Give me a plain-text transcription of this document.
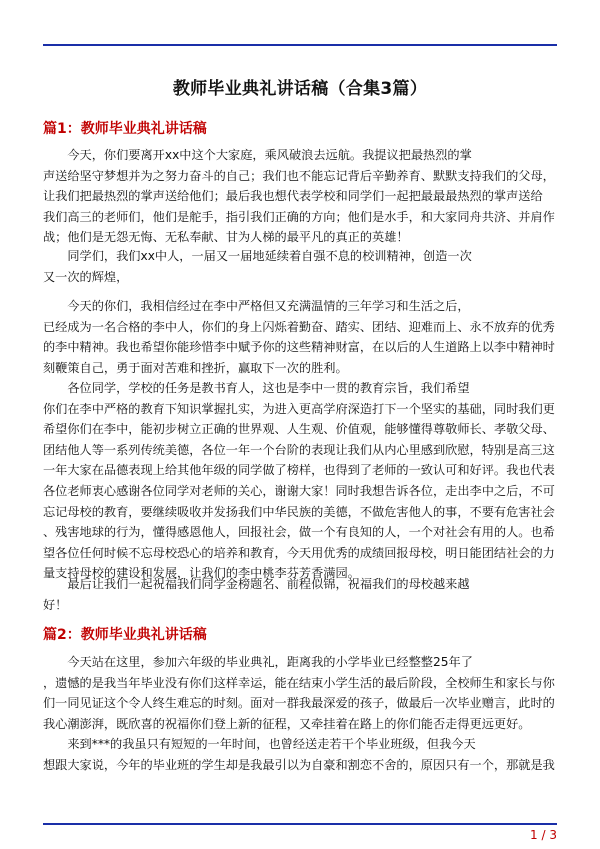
教师毕业典礼讲话稿（合集3篇）
篇1：教师毕业典礼讲话稿

　　今天，你们要离开xx中这个大家庭，乘风破浪去远航。我提议把最热烈的掌
声送给坚守梦想并为之努力奋斗的自己；我们也不能忘记背后辛勤养育、默默支持我们的父母，
让我们把最热烈的掌声送给他们；最后我也想代表学校和同学们一起把最最最热烈的掌声送给
我们高三的老师们，他们是舵手，指引我们正确的方向；他们是水手，和大家同舟共济、并肩作
战；他们是无怨无悔、无私奉献、甘为人梯的最平凡的真正的英雄！

　　同学们，我们xx中人，一届又一届地延续着自强不息的校训精神，创造一次
又一次的辉煌，

　　今天的你们，我相信经过在李中严格但又充满温情的三年学习和生活之后，
已经成为一名合格的李中人，你们的身上闪烁着勤奋、踏实、团结、迎难而上、永不放弃的优秀
的李中精神。我也希望你能珍惜李中赋予你的这些精神财富，在以后的人生道路上以李中精神时
刻鞭策自己，勇于面对苦难和挫折，赢取下一次的胜利。

　　各位同学，学校的任务是教书育人，这也是李中一贯的教育宗旨，我们希望
你们在李中严格的教育下知识掌握扎实，为进入更高学府深造打下一个坚实的基础，同时我们更
希望你们在李中，能初步树立正确的世界观、人生观、价值观，能够懂得尊敬师长、孝敬父母、
团结他人等一系列传统美德，各位一年一个台阶的表现让我们从内心里感到欣慰，特别是高三这
一年大家在品德表现上给其他年级的同学做了榜样，也得到了老师的一致认可和好评。我也代表
各位老师衷心感谢各位同学对老师的关心，谢谢大家！同时我想告诉各位，走出李中之后，不可
忘记母校的教育，要继续吸收并发扬我们中华民族的美德，不做危害他人的事，不要有危害社会
、残害地球的行为，懂得感恩他人，回报社会，做一个有良知的人，一个对社会有用的人。也希
望各位任何时候不忘母校恐心的培养和教育，今天用优秀的成绩回报母校，明日能团结社会的力
量支持母校的建设和发展，让我们的李中桃李芬芳香满园。

　　最后让我们一起祝福我们同学金榜题名、前程似锦，祝福我们的母校越来越
好！

篇2：教师毕业典礼讲话稿

　　今天站在这里，参加六年级的毕业典礼，距离我的小学毕业已经整整25年了
，遗憾的是我当年毕业没有你们这样幸运，能在结束小学生活的最后阶段，全校师生和家长与你
们一同见证这个令人终生难忘的时刻。面对一群我最深爱的孩子，做最后一次毕业赠言，此时的
我心潮澎湃，既欣喜的祝福你们登上新的征程，又牵挂着在路上的你们能否走得更远更好。

　　来到***的我虽只有短短的一年时间，也曾经送走若干个毕业班级，但我今天
想跟大家说，今年的毕业班的学生却是我最引以为自豪和割恋不舍的，原因只有一个，那就是我

1 / 3
